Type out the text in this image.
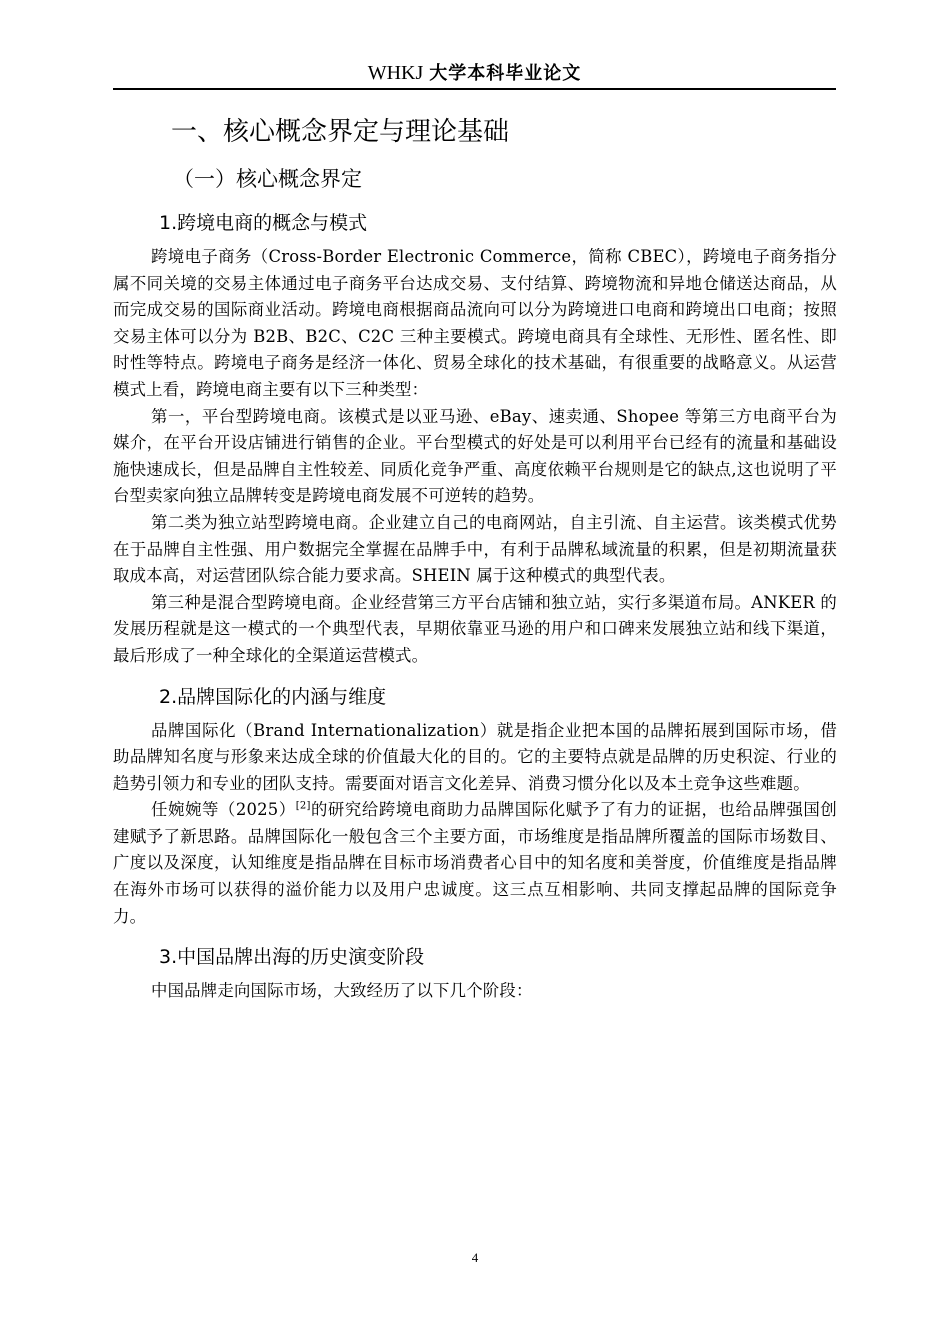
WHKJ 大学本科毕业论文
一、核心概念界定与理论基础
（一）核心概念界定
1.跨境电商的概念与模式

跨境电子商务（Cross-Border Electronic Commerce，简称 CBEC），跨境电子商务指分属不同关境的交易主体通过电子商务平台达成交易、支付结算、跨境物流和异地仓储送达商品，从而完成交易的国际商业活动。跨境电商根据商品流向可以分为跨境进口电商和跨境出口电商；按照交易主体可以分为 B2B、B2C、C2C 三种主要模式。跨境电商具有全球性、无形性、匿名性、即时性等特点。跨境电子商务是经济一体化、贸易全球化的技术基础，有很重要的战略意义。从运营模式上看，跨境电商主要有以下三种类型：

第一，平台型跨境电商。该模式是以亚马逊、eBay、速卖通、Shopee 等第三方电商平台为媒介，在平台开设店铺进行销售的企业。平台型模式的好处是可以利用平台已经有的流量和基础设施快速成长，但是品牌自主性较差、同质化竞争严重、高度依赖平台规则是它的缺点,这也说明了平台型卖家向独立品牌转变是跨境电商发展不可逆转的趋势。

第二类为独立站型跨境电商。企业建立自己的电商网站，自主引流、自主运营。该类模式优势在于品牌自主性强、用户数据完全掌握在品牌手中，有利于品牌私域流量的积累，但是初期流量获取成本高，对运营团队综合能力要求高。SHEIN 属于这种模式的典型代表。

第三种是混合型跨境电商。企业经营第三方平台店铺和独立站，实行多渠道布局。ANKER 的发展历程就是这一模式的一个典型代表，早期依靠亚马逊的用户和口碑来发展独立站和线下渠道，最后形成了一种全球化的全渠道运营模式。

2.品牌国际化的内涵与维度

品牌国际化（Brand Internationalization）就是指企业把本国的品牌拓展到国际市场，借助品牌知名度与形象来达成全球的价值最大化的目的。它的主要特点就是品牌的历史积淀、行业的趋势引领力和专业的团队支持。需要面对语言文化差异、消费习惯分化以及本土竞争这些难题。

任婉婉等（2025）[2]的研究给跨境电商助力品牌国际化赋予了有力的证据，也给品牌强国创建赋予了新思路。品牌国际化一般包含三个主要方面，市场维度是指品牌所覆盖的国际市场数目、广度以及深度，认知维度是指品牌在目标市场消费者心目中的知名度和美誉度，价值维度是指品牌在海外市场可以获得的溢价能力以及用户忠诚度。这三点互相影响、共同支撑起品牌的国际竞争力。

3.中国品牌出海的历史演变阶段

中国品牌走向国际市场，大致经历了以下几个阶段：

4
